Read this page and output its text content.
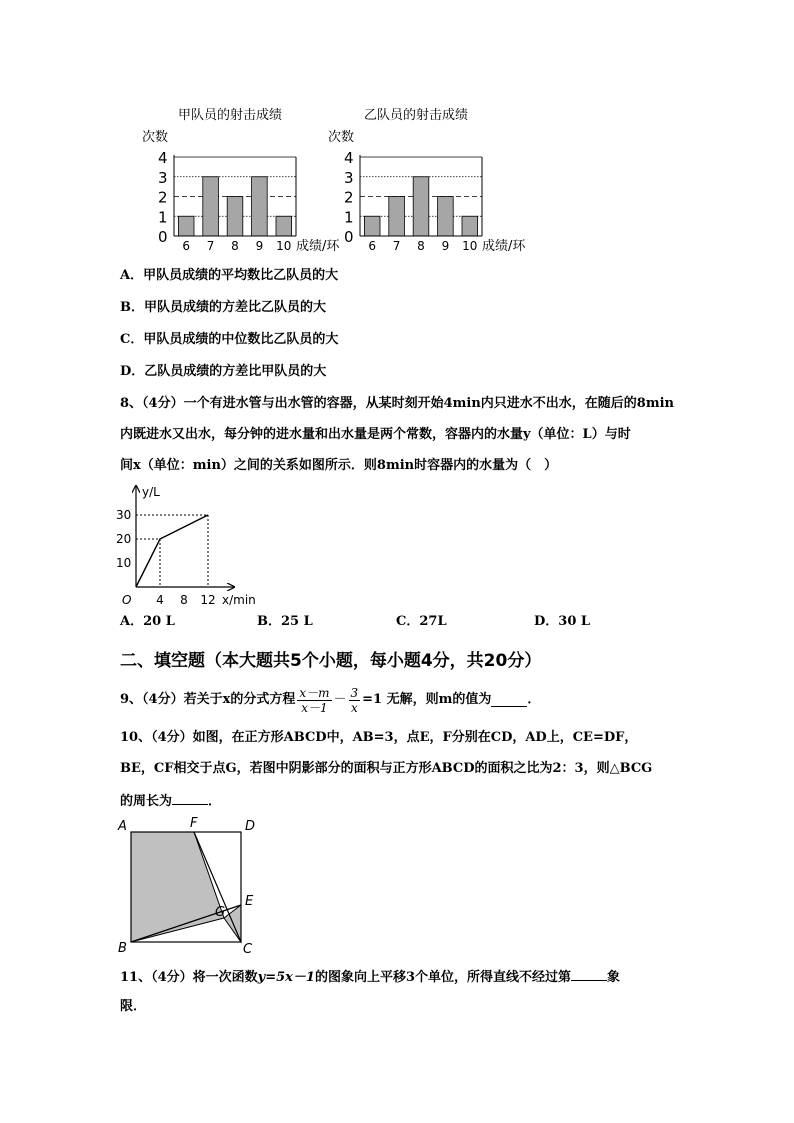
甲队员的射击成绩
次数
0
1
2
3
4
6 7 8 9 10 成绩/环
乙队员的射击成绩
次数
0
1
2
3
4
6 7 8 9 10 成绩/环
A．甲队员成绩的平均数比乙队员的大
B．甲队员成绩的方差比乙队员的大
C．甲队员成绩的中位数比乙队员的大
D．乙队员成绩的方差比甲队员的大
8、（4分）一个有进水管与出水管的容器，从某时刻开始4min内只进水不出水，在随后的8min
内既进水又出水，每分钟的进水量和出水量是两个常数，容器内的水量y（单位：L）与时
间x（单位：min）之间的关系如图所示．则8min时容器内的水量为（　）
y/L
x/min
O
10
20
30
4 8 12
A．20 L	B．25 L	C．27L	D．30 L
二、填空题（本大题共5个小题，每小题4分，共20分）
9、（4分）若关于x的分式方程 $\frac{x-m}{x-1} - \frac{3}{x} =1$ 无解，则m的值为	．
10、（4分）如图，在正方形ABCD中，AB=3，点E，F分别在CD，AD上，CE=DF，
BE，CF相交于点G，若图中阴影部分的面积与正方形ABCD的面积之比为2：3，则△BCG
的周长为	．
A	F	D
E
G
B	C
11、（4分）将一次函数y=5x－1的图象向上平移3个单位，所得直线不经过第	象
限．
